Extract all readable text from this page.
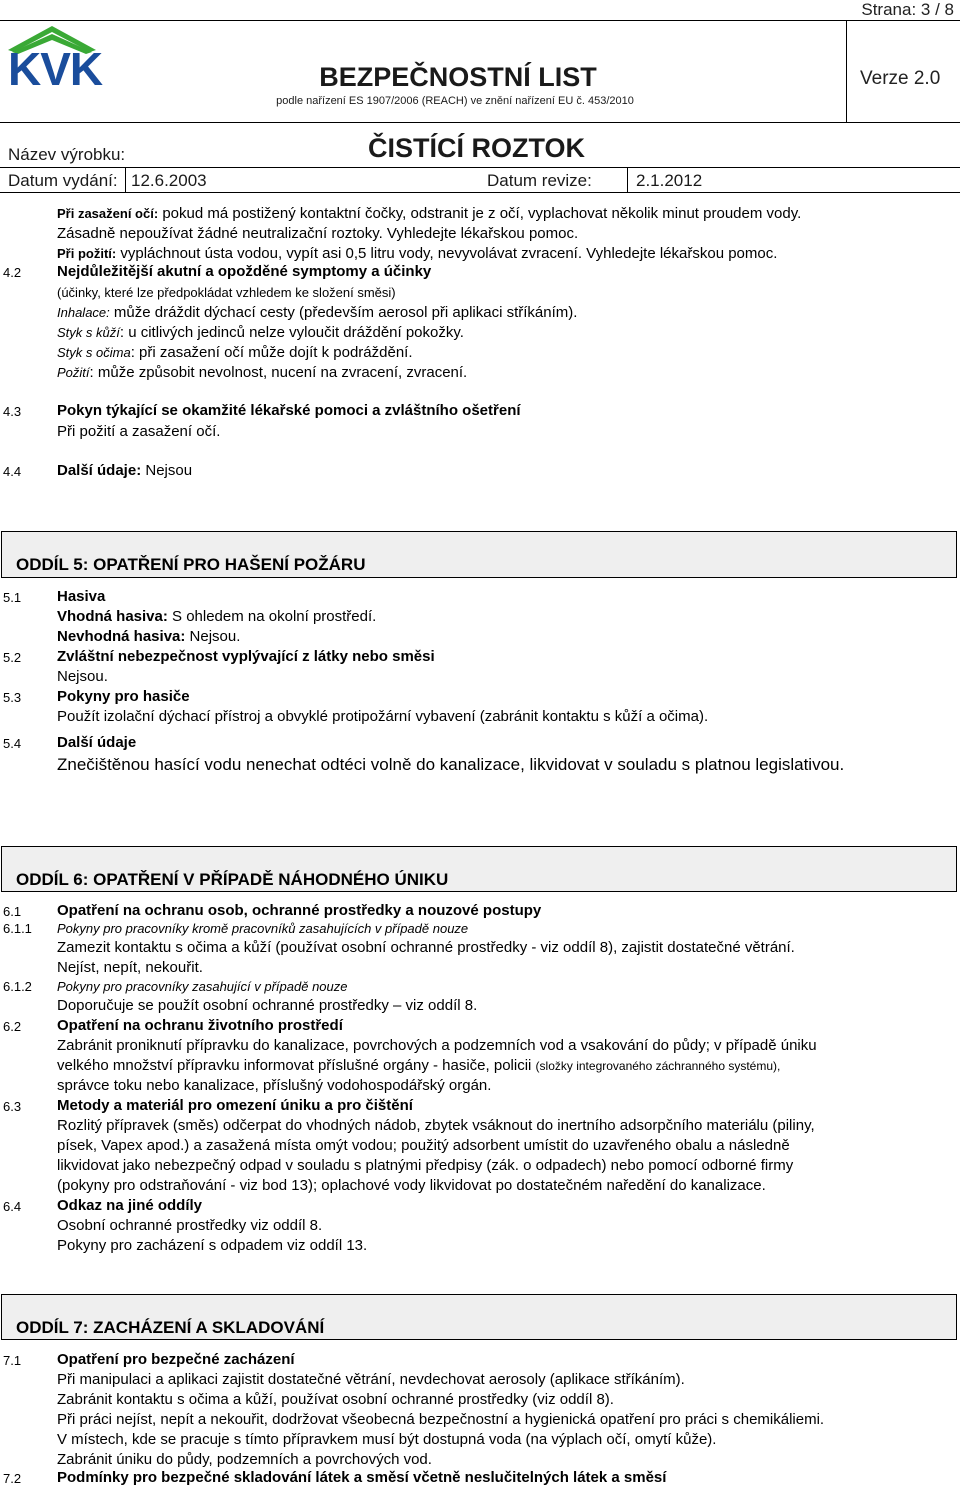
Strana: 3 / 8
KVK	BEZPEČNOSTNÍ LIST
podle nařízení ES 1907/2006 (REACH) ve znění nařízení EU č. 453/2010
Verze 2.0
Název výrobku:	ČISTÍCÍ ROZTOK
Datum vydání: 12.6.2003	Datum revize:	2.1.2012
Při zasažení očí: pokud má postižený kontaktní čočky, odstranit je z očí, vyplachovat několik minut proudem vody.
Zásadně nepoužívat žádné neutralizační roztoky. Vyhledejte lékařskou pomoc.
Při požití: vypláchnout ústa vodou, vypít asi 0,5 litru vody, nevyvolávat zvracení. Vyhledejte lékařskou pomoc.
4.2 Nejdůležitější akutní a opožděné symptomy a účinky
(účinky, které lze předpokládat vzhledem ke složení směsi)
Inhalace: může dráždit dýchací cesty (především aerosol při aplikaci stříkáním).
Styk s kůží: u citlivých jedinců nelze vyloučit dráždění pokožky.
Styk s očima: při zasažení očí může dojít k podráždění.
Požití: může způsobit nevolnost, nucení na zvracení, zvracení.
4.3 Pokyn týkající se okamžité lékařské pomoci a zvláštního ošetření
Při požití a zasažení očí.
4.4 Další údaje: Nejsou
ODDÍL 5: OPATŘENÍ PRO HAŠENÍ POŽÁRU
5.1 Hasiva
Vhodná hasiva: S ohledem na okolní prostředí.
Nevhodná hasiva: Nejsou.
5.2 Zvláštní nebezpečnost vyplývající z látky nebo směsi
Nejsou.
5.3 Pokyny pro hasiče
Použít izolační dýchací přístroj a obvyklé protipožární vybavení (zabránit kontaktu s kůží a očima).
5.4 Další údaje
Znečištěnou hasící vodu nenechat odtéci volně do kanalizace, likvidovat v souladu s platnou legislativou.
ODDÍL 6: OPATŘENÍ V PŘÍPADĚ NÁHODNÉHO ÚNIKU
6.1 Opatření na ochranu osob, ochranné prostředky a nouzové postupy
6.1.1 Pokyny pro pracovníky kromě pracovníků zasahujících v případě nouze
Zamezit kontaktu s očima a kůží (používat osobní ochranné prostředky - viz oddíl 8), zajistit dostatečné větrání.
Nejíst, nepít, nekouřit.
6.1.2 Pokyny pro pracovníky zasahující v případě nouze
Doporučuje se použít osobní ochranné prostředky – viz oddíl 8.
6.2 Opatření na ochranu životního prostředí
Zabránit proniknutí přípravku do kanalizace, povrchových a podzemních vod a vsakování do půdy; v případě úniku
velkého množství přípravku informovat příslušné orgány - hasiče, policii (složky integrovaného záchranného systému),
správce toku nebo kanalizace, příslušný vodohospodářský orgán.
6.3 Metody a materiál pro omezení úniku a pro čištění
Rozlitý přípravek (směs) odčerpat do vhodných nádob, zbytek vsáknout do inertního adsorpčního materiálu (piliny,
písek, Vapex apod.) a zasažená místa omýt vodou; použitý adsorbent umístit do uzavřeného obalu a následně
likvidovat jako nebezpečný odpad v souladu s platnými předpisy (zák. o odpadech) nebo pomocí odborné firmy
(pokyny pro odstraňování - viz bod 13); oplachové vody likvidovat po dostatečném naředění do kanalizace.
6.4 Odkaz na jiné oddíly
Osobní ochranné prostředky viz oddíl 8.
Pokyny pro zacházení s odpadem viz oddíl 13.
ODDÍL 7: ZACHÁZENÍ A SKLADOVÁNÍ
7.1 Opatření pro bezpečné zacházení
Při manipulaci a aplikaci zajistit dostatečné větrání, nevdechovat aerosoly (aplikace stříkáním).
Zabránit kontaktu s očima a kůží, používat osobní ochranné prostředky (viz oddíl 8).
Při práci nejíst, nepít a nekouřit, dodržovat všeobecná bezpečnostní a hygienická opatření pro práci s chemikáliemi.
V místech, kde se pracuje s tímto přípravkem musí být dostupná voda (na výplach očí, omytí kůže).
Zabránit úniku do půdy, podzemních a povrchových vod.
7.2 Podmínky pro bezpečné skladování látek a směsí včetně neslučitelných látek a směsí
